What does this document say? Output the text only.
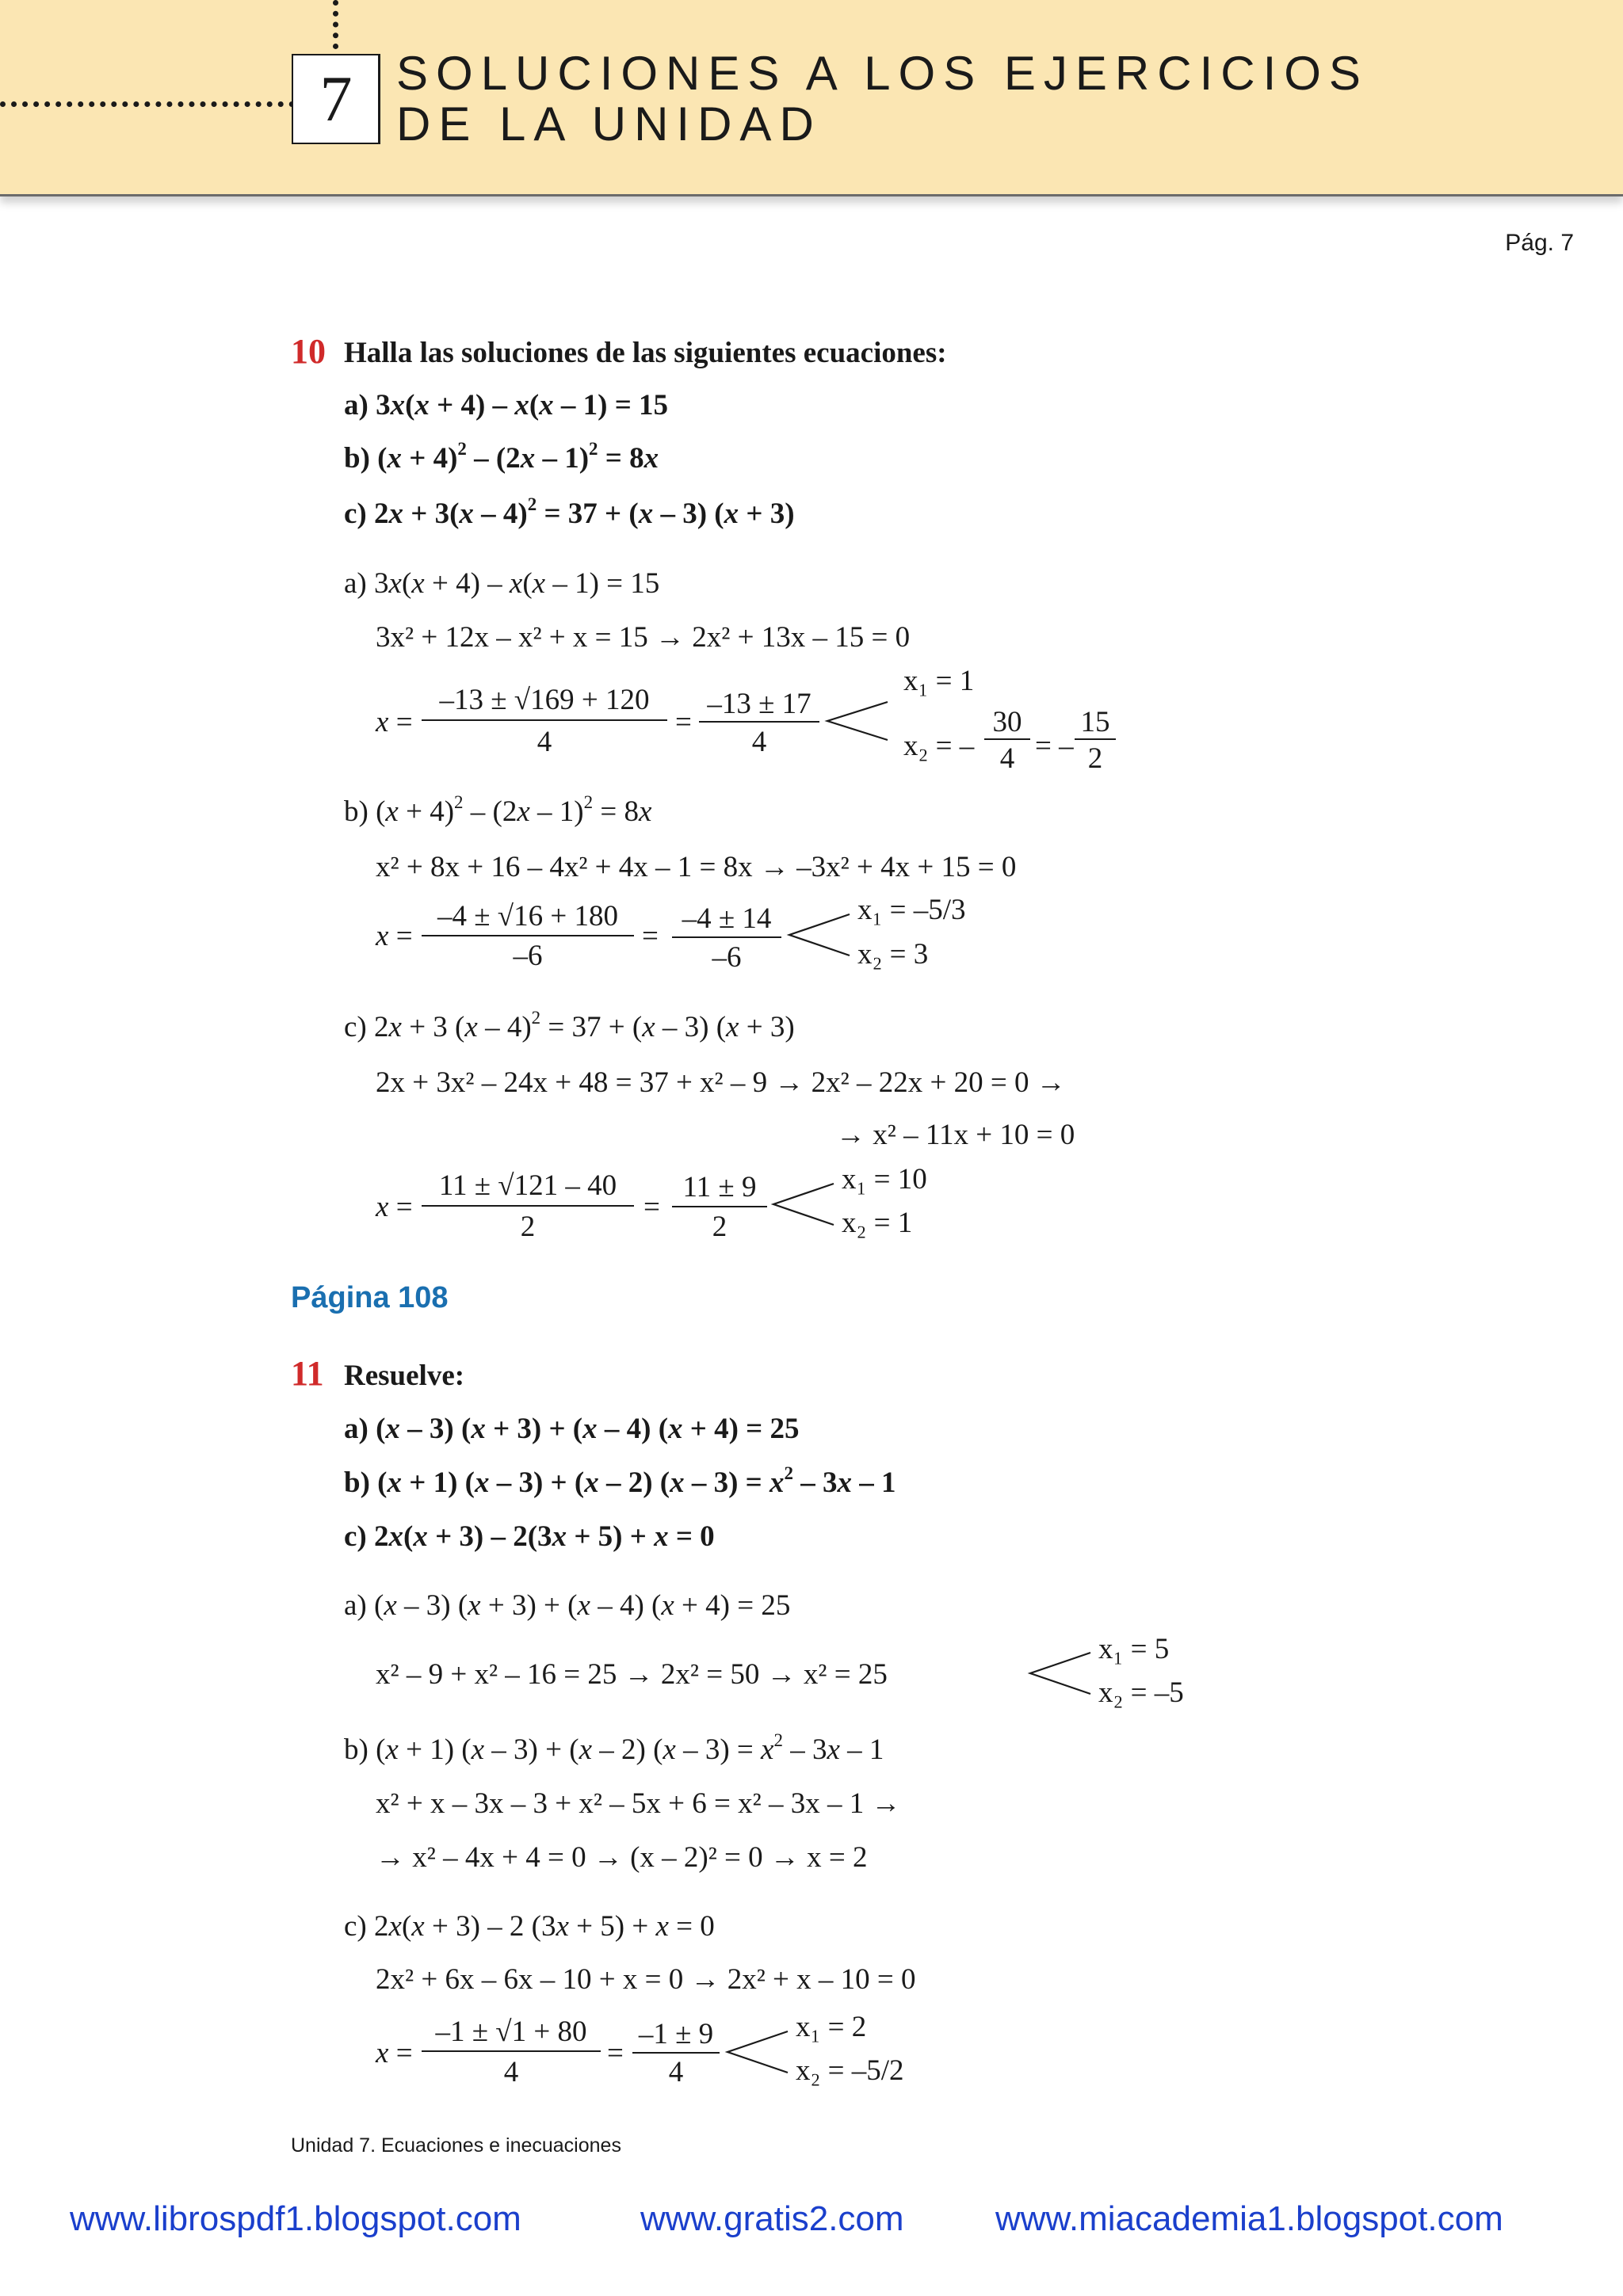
7 SOLUCIONES A LOS EJERCICIOS
DE LA UNIDAD
Pág. 7
10 Halla las soluciones de las siguientes ecuaciones:
a) 3x(x + 4) – x(x – 1) = 15
b) $(x + 4)^2 - (2x - 1)^2 = 8x$
c) 2x + 3(x – 4)$^2$ = 37 + (x – 3) (x + 3)
a) 3x(x + 4) – x(x – 1) = 15
3x² + 12x – x² + x = 15 → 2x² + 13x – 15 = 0
x =
–13 ± √169 + 120
4
=
–13 ± 17
4
x₁ = 1
x₂ = –
30
4 = –
15
2
b) $(x + 4)^2 - (2x - 1)^2 = 8x$
x² + 8x + 16 – 4x² + 4x – 1 = 8x → –3x² + 4x + 15 = 0
x =
–4 ± √16 + 180
–6
=
–4 ± 14
–6
x₁ = –5/3
x₂ = 3
c) 2x + 3 (x – 4)$^2$ = 37 + (x – 3) (x + 3)
2x + 3x² – 24x + 48 = 37 + x² – 9 → 2x² – 22x + 20 = 0 →
→ x² – 11x + 10 = 0
x =
11 ± √121 – 40
2
=
11 ± 9
2
x₁ = 10
x₂ = 1
Página 108
11 Resuelve:
a) (x – 3) (x + 3) + (x – 4) (x + 4) = 25
b) (x + 1) (x – 3) + (x – 2) $(x - 3) = x^2 - 3x - 1$
c) 2x(x + 3) – 2(3x + 5) + x = 0
a) (x – 3) (x + 3) + (x – 4) (x + 4) = 25
x² – 9 + x² – 16 = 25 → 2x² = 50 → x² = 25
x₁ = 5
x₂ = –5
b) (x + 1) (x – 3) + (x – 2) $(x - 3) = x^2 - 3x - 1$
x² + x – 3x – 3 + x² – 5x + 6 = x² – 3x – 1 →
→ x² – 4x + 4 = 0 → (x – 2)² = 0 → x = 2
c) 2x(x + 3) – 2 (3x + 5) + x = 0
2x² + 6x – 6x – 10 + x = 0 → 2x² + x – 10 = 0
x =
–1 ± √1 + 80
4
=
–1 ± 9
4
x₁ = 2
x₂ = –5/2
Unidad 7. Ecuaciones e inecuaciones
www.librospdf1.blogspot.com	www.gratis2.com	www.miacademia1.blogspot.com
